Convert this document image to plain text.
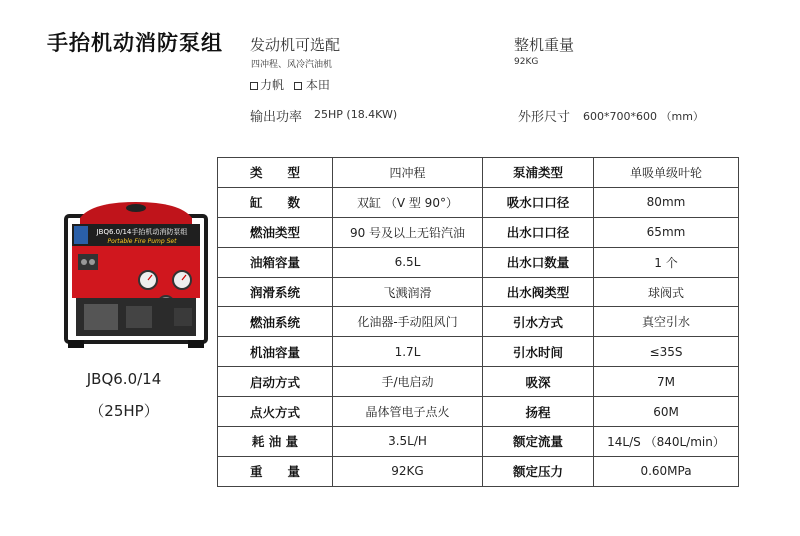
手抬机动消防泵组 发动机可选配
四冲程、风冷汽油机
力帆 本田
输出功率 25HP (18.4KW)
整机重量
92KG
外形尺寸 600*700*600 （mm）
JBQ6.0/14手抬机动消防泵组
Portable Fire Pump Set
JBQ6.0/14
（25HP）
类　　型	四冲程	泵浦类型	单吸单级叶轮
缸　　数	双缸 （V 型 90°）	吸水口口径	80mm
燃油类型	90 号及以上无铅汽油	出水口口径	65mm
油箱容量	6.5L	出水口数量	1 个
润滑系统	飞溅润滑	出水阀类型	球阀式
燃油系统	化油器-手动阻风门	引水方式	真空引水
机油容量	1.7L	引水时间	≤35S
启动方式	手/电启动	吸深	7M
点火方式	晶体管电子点火	扬程	60M
耗 油 量	3.5L/H	额定流量	14L/S （840L/min）
重　　量	92KG	额定压力	0.60MPa
